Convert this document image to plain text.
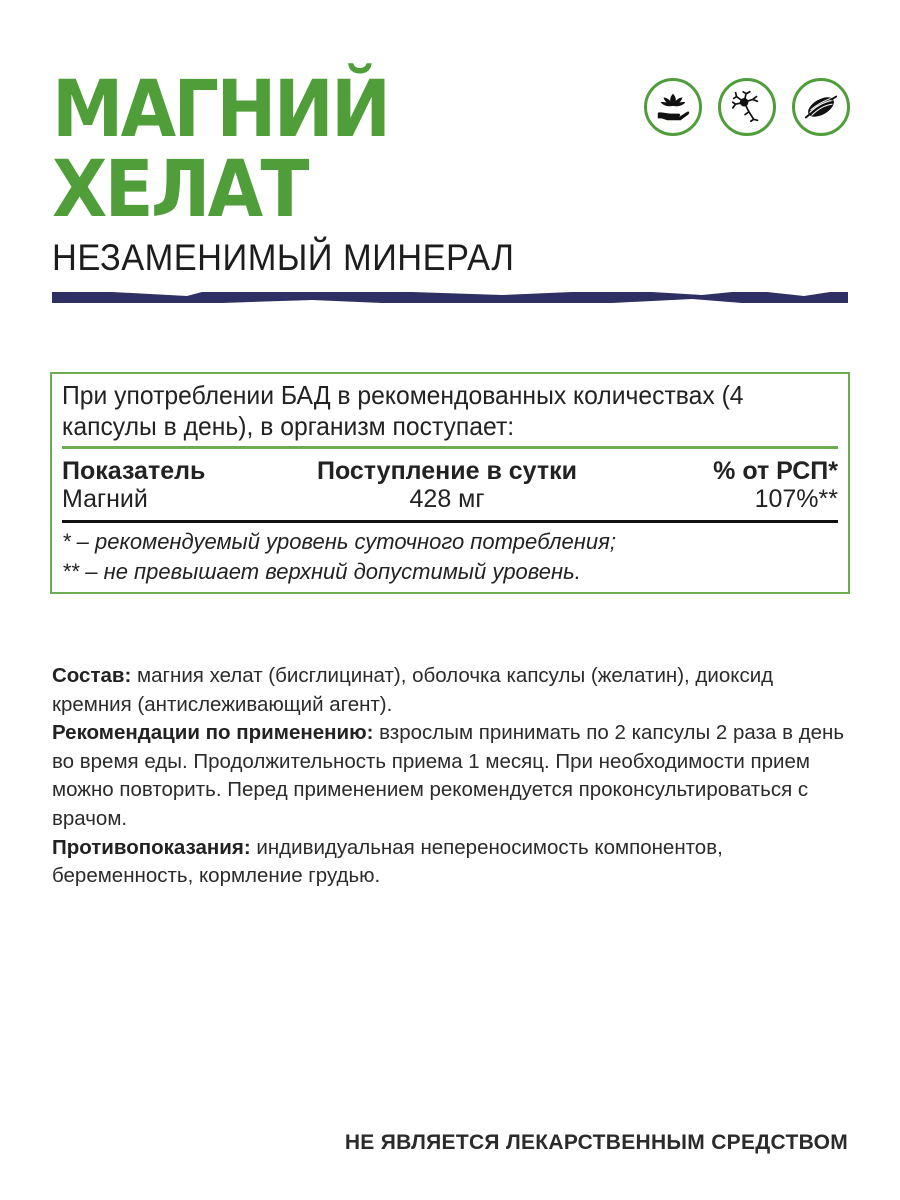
МАГНИЙ
ХЕЛАТ
НЕЗАМЕНИМЫЙ МИНЕРАЛ
При употреблении БАД в рекомендованных количествах (4 капсулы в день), в организм поступает:
Показатель	Поступление в сутки	% от РСП*
Магний	428 мг	107%**
* – рекомендуемый уровень суточного потребления;
** – не превышает верхний допустимый уровень.

Состав: магния хелат (бисглицинат), оболочка капсулы (желатин), диоксид кремния (антислеживающий агент).

Рекомендации по применению: взрослым принимать по 2 капсулы 2 раза в день во время еды. Продолжительность приема 1 месяц. При необходимости прием можно повторить. Перед применением рекомендуется проконсультироваться с врачом.

Противопоказания: индивидуальная непереносимость компонентов, беременность, кормление грудью.

НЕ ЯВЛЯЕТСЯ ЛЕКАРСТВЕННЫМ СРЕДСТВОМ
